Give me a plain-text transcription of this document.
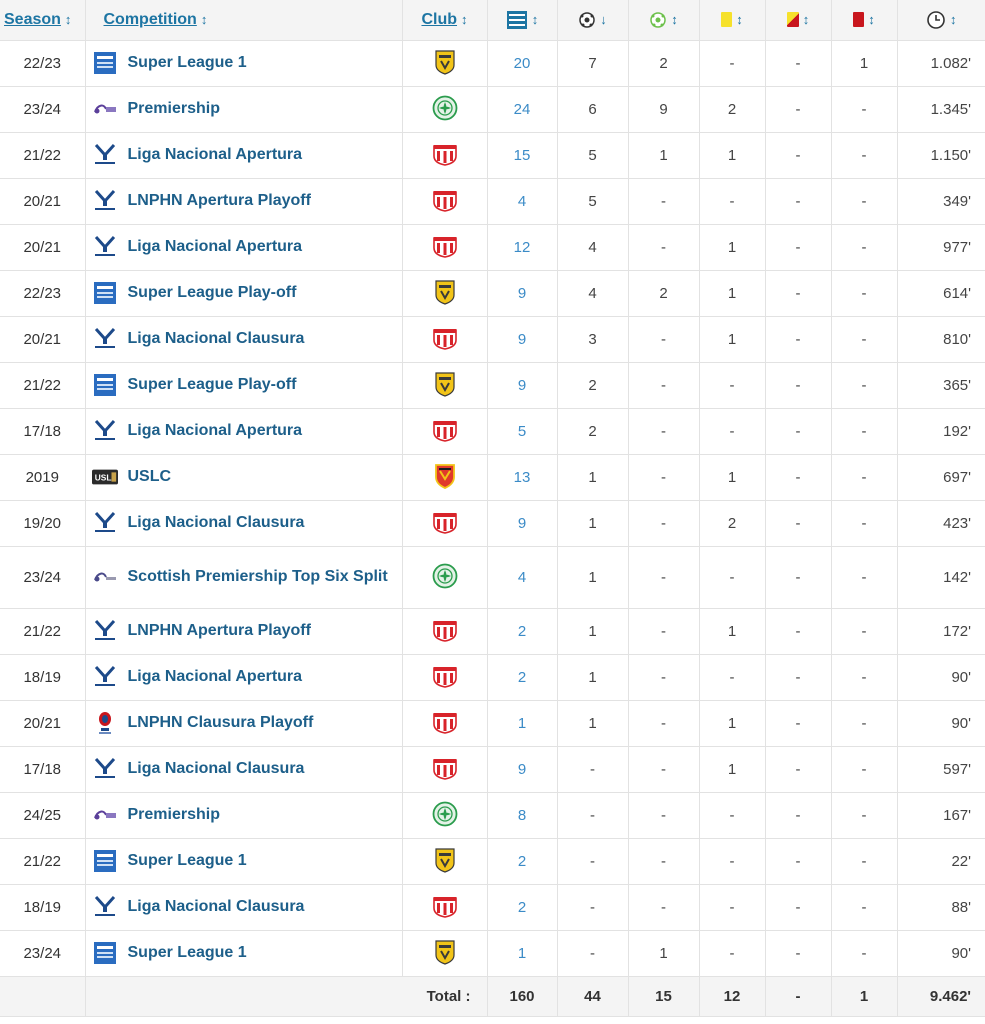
Season ↕	Competition ↕	Club ↕	↕	↓	↕	↕	↕	↕	↕
22/23	Super League 1		20	7	2	-	-	1	1.082'
23/24	Premiership		24	6	9	2	-	-	1.345'
21/22	Liga Nacional Apertura		15	5	1	1	-	-	1.150'
20/21	LNPHN Apertura Playoff		4	5	-	-	-	-	349'
20/21	Liga Nacional Apertura		12	4	-	1	-	-	977'
22/23	Super League Play-off		9	4	2	1	-	-	614'
20/21	Liga Nacional Clausura		9	3	-	1	-	-	810'
21/22	Super League Play-off		9	2	-	-	-	-	365'
17/18	Liga Nacional Apertura		5	2	-	-	-	-	192'
2019	USL USLC		13	1	-	1	-	-	697'
19/20	Liga Nacional Clausura		9	1	-	2	-	-	423'
23/24	Scottish Premiership Top Six Split		4	1	-	-	-	-	142'
21/22	LNPHN Apertura Playoff		2	1	-	1	-	-	172'
18/19	Liga Nacional Apertura		2	1	-	-	-	-	90'
20/21	LNPHN Clausura Playoff		1	1	-	1	-	-	90'
17/18	Liga Nacional Clausura		9	-	-	1	-	-	597'
24/25	Premiership		8	-	-	-	-	-	167'
21/22	Super League 1		2	-	-	-	-	-	22'
18/19	Liga Nacional Clausura		2	-	-	-	-	-	88'
23/24	Super League 1		1	-	1	-	-	-	90'
	Total :		160	44	15	12	-	1	9.462'
